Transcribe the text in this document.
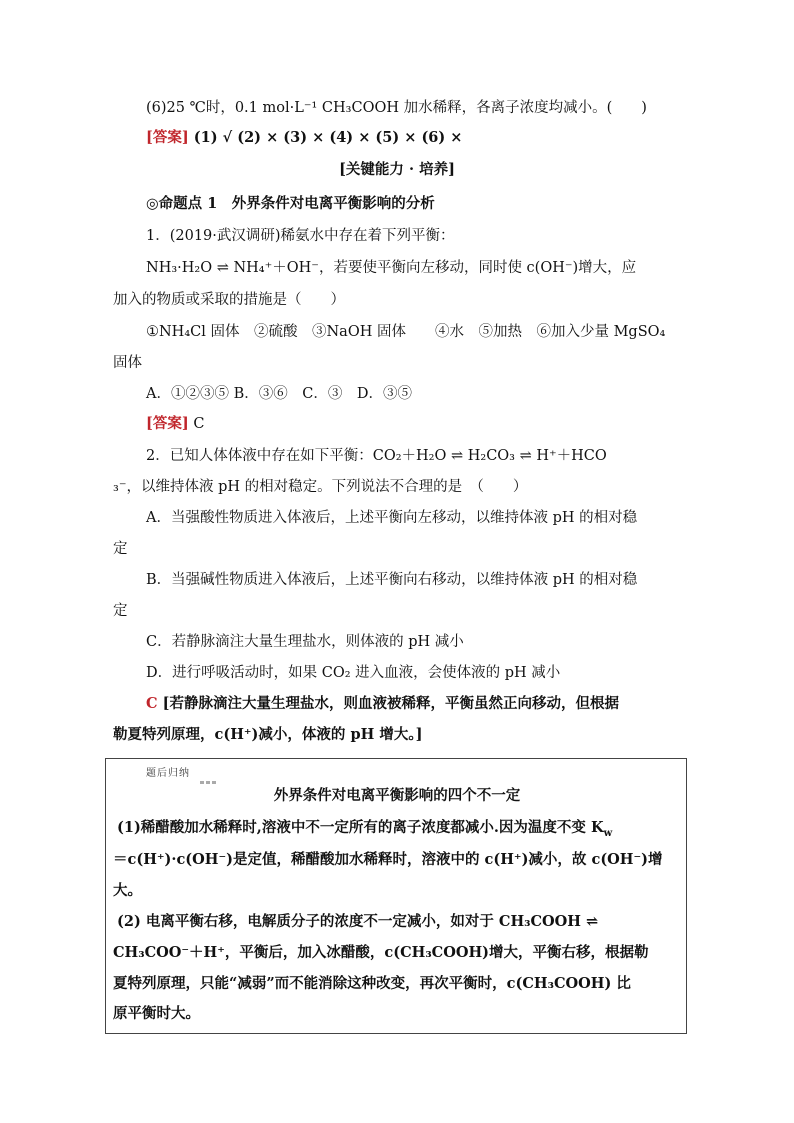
(6)25 ℃时，0.1 mol·L⁻¹ CH₃COOH 加水稀释，各离子浓度均减小。(　　)
[答案] (1) √ (2) × (3) × (4) × (5) × (6) ×
[关键能力 · 培养]
◎命题点 1　外界条件对电离平衡影响的分析
1．(2019·武汉调研)稀氨水中存在着下列平衡：
NH₃·H₂O ⇌ NH₄⁺＋OH⁻，若要使平衡向左移动，同时使 c(OH⁻)增大，应
加入的物质或采取的措施是（　　）
①NH₄Cl 固体　②硫酸　③NaOH 固体　　④水　⑤加热　⑥加入少量 MgSO₄
固体
A．①②③⑤ B．③⑥　C．③　D．③⑤
[答案] C
2．已知人体体液中存在如下平衡：CO₂＋H₂O ⇌ H₂CO₃ ⇌ H⁺＋HCO
₃⁻，以维持体液 pH 的相对稳定。下列说法不合理的是　（　　）
A．当强酸性物质进入体液后，上述平衡向左移动，以维持体液 pH 的相对稳
定
B．当强碱性物质进入体液后，上述平衡向右移动，以维持体液 pH 的相对稳
定
C．若静脉滴注大量生理盐水，则体液的 pH 减小
D．进行呼吸活动时，如果 CO₂ 进入血液，会使体液的 pH 减小
C [若静脉滴注大量生理盐水，则血液被稀释，平衡虽然正向移动，但根据
勒夏特列原理，c(H⁺)减小，体液的 pH 增大。]
题后归纳
外界条件对电离平衡影响的四个不一定
(1)稀醋酸加水稀释时,溶液中不一定所有的离子浓度都减小.因为温度不变 $K_w$
＝c(H⁺)·c(OH⁻)是定值，稀醋酸加水稀释时，溶液中的 c(H⁺)减小，故 c(OH⁻)增
大。
(2) 电离平衡右移，电解质分子的浓度不一定减小，如对于 CH₃COOH ⇌
CH₃COO⁻＋H⁺，平衡后，加入冰醋酸，c(CH₃COOH)增大，平衡右移，根据勒
夏特列原理，只能“减弱”而不能消除这种改变，再次平衡时，c(CH₃COOH) 比
原平衡时大。
